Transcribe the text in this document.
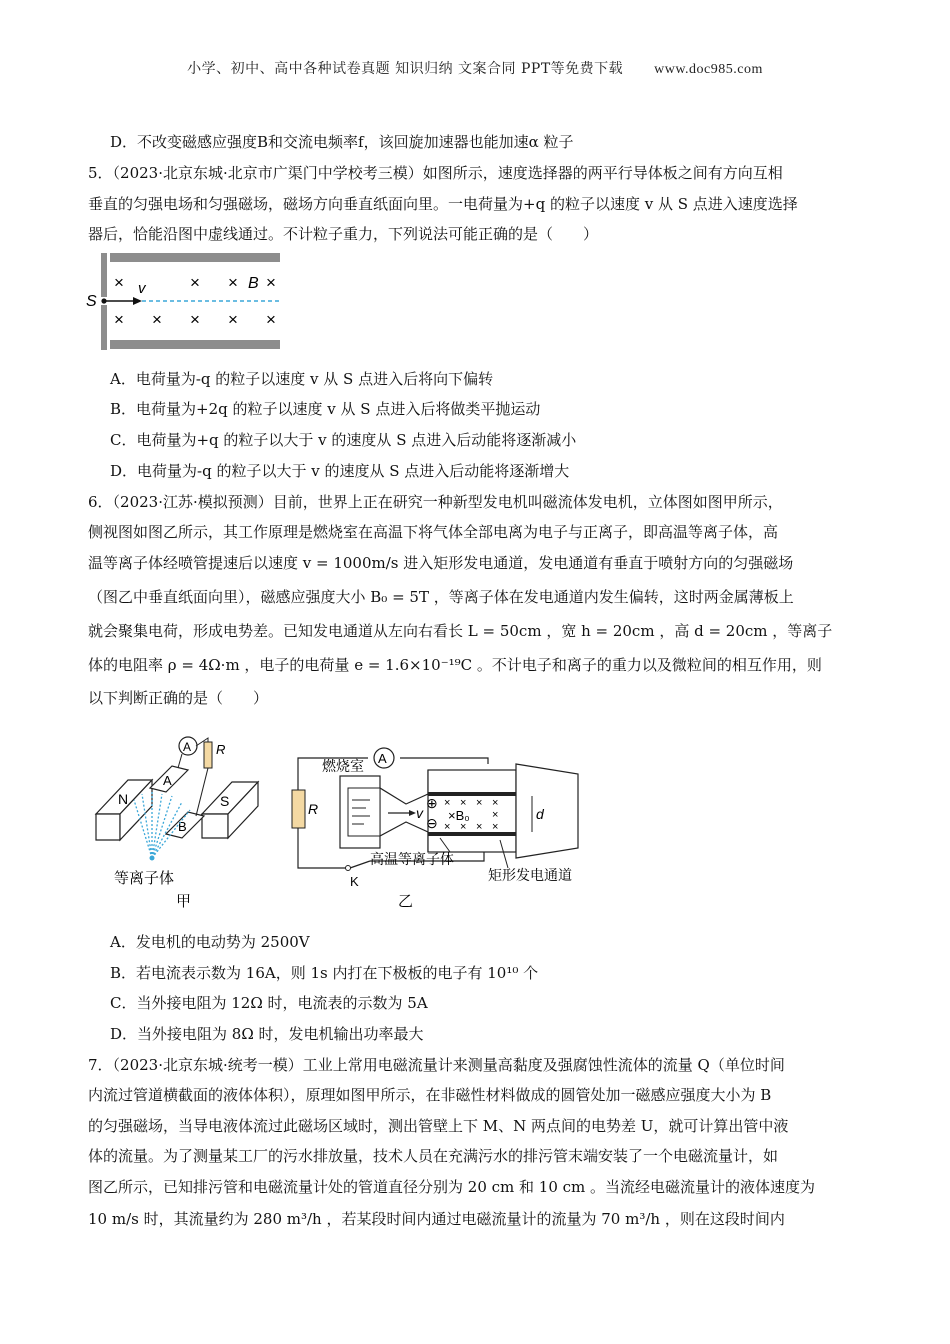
小学、初中、高中各种试卷真题 知识归纳 文案合同 PPT等免费下载 www.doc985.com
D．不改变磁感应强度B和交流电频率f，该回旋加速器也能加速α 粒子
5．（2023·北京东城·北京市广渠门中学校考三模）如图所示，速度选择器的两平行导体板之间有方向互相
垂直的匀强电场和匀强磁场，磁场方向垂直纸面向里。一电荷量为+q 的粒子以速度 v 从 S 点进入速度选择
器后，恰能沿图中虚线通过。不计粒子重力，下列说法可能正确的是（　　）
S
v
×	× × B ×
× × × × ×
A．电荷量为-q 的粒子以速度 v 从 S 点进入后将向下偏转
B．电荷量为+2q 的粒子以速度 v 从 S 点进入后将做类平抛运动
C．电荷量为+q 的粒子以大于 v 的速度从 S 点进入后动能将逐渐减小
D．电荷量为-q 的粒子以大于 v 的速度从 S 点进入后动能将逐渐增大
6．（2023·江苏·模拟预测）目前，世界上正在研究一种新型发电机叫磁流体发电机，立体图如图甲所示，
侧视图如图乙所示，其工作原理是燃烧室在高温下将气体全部电离为电子与正离子，即高温等离子体，高
温等离子体经喷管提速后以速度 v = 1000m/s 进入矩形发电通道，发电通道有垂直于喷射方向的匀强磁场
（图乙中垂直纸面向里），磁感应强度大小 B₀ = 5T ，等离子体在发电通道内发生偏转，这时两金属薄板上
就会聚集电荷，形成电势差。已知发电通道从左向右看长 L = 50cm ，宽 h = 20cm ，高 d = 20cm ，等离子
体的电阻率 ρ = 4Ω·m ，电子的电荷量 e = 1.6×10⁻¹⁹C 。不计电子和离子的重力以及微粒间的相互作用，则
以下判断正确的是（　　）
N	S
A
B
A R
等离子体
甲
A
R
燃烧室
v
⊕
⊖
× × × ×
×
× × × ×
×B₀	d
高温等离子体
矩形发电通道
K
乙
A．发电机的电动势为 2500V
B．若电流表示数为 16A，则 1s 内打在下极板的电子有 10¹⁰ 个
C．当外接电阻为 12Ω 时，电流表的示数为 5A
D．当外接电阻为 8Ω 时，发电机输出功率最大
7．（2023·北京东城·统考一模）工业上常用电磁流量计来测量高黏度及强腐蚀性流体的流量 Q（单位时间
内流过管道横截面的液体体积），原理如图甲所示，在非磁性材料做成的圆管处加一磁感应强度大小为 B
的匀强磁场，当导电液体流过此磁场区域时，测出管壁上下 M、N 两点间的电势差 U，就可计算出管中液
体的流量。为了测量某工厂的污水排放量，技术人员在充满污水的排污管末端安装了一个电磁流量计，如
图乙所示，已知排污管和电磁流量计处的管道直径分别为 20 cm 和 10 cm 。当流经电磁流量计的液体速度为
10 m/s 时，其流量约为 280 m³/h ，若某段时间内通过电磁流量计的流量为 70 m³/h ，则在这段时间内
